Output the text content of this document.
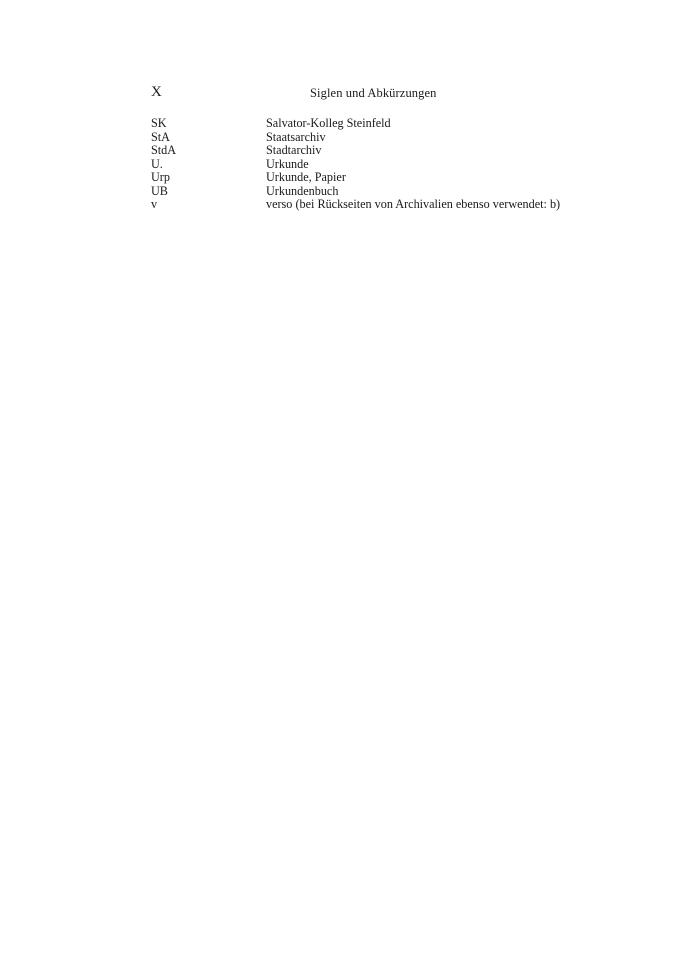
X	Siglen und Abkürzungen
SK	Salvator-Kolleg Steinfeld
StA	Staatsarchiv
StdA	Stadtarchiv
U.	Urkunde
Urp	Urkunde, Papier
UB	Urkundenbuch
v	verso (bei Rückseiten von Archivalien ebenso verwendet: b)
